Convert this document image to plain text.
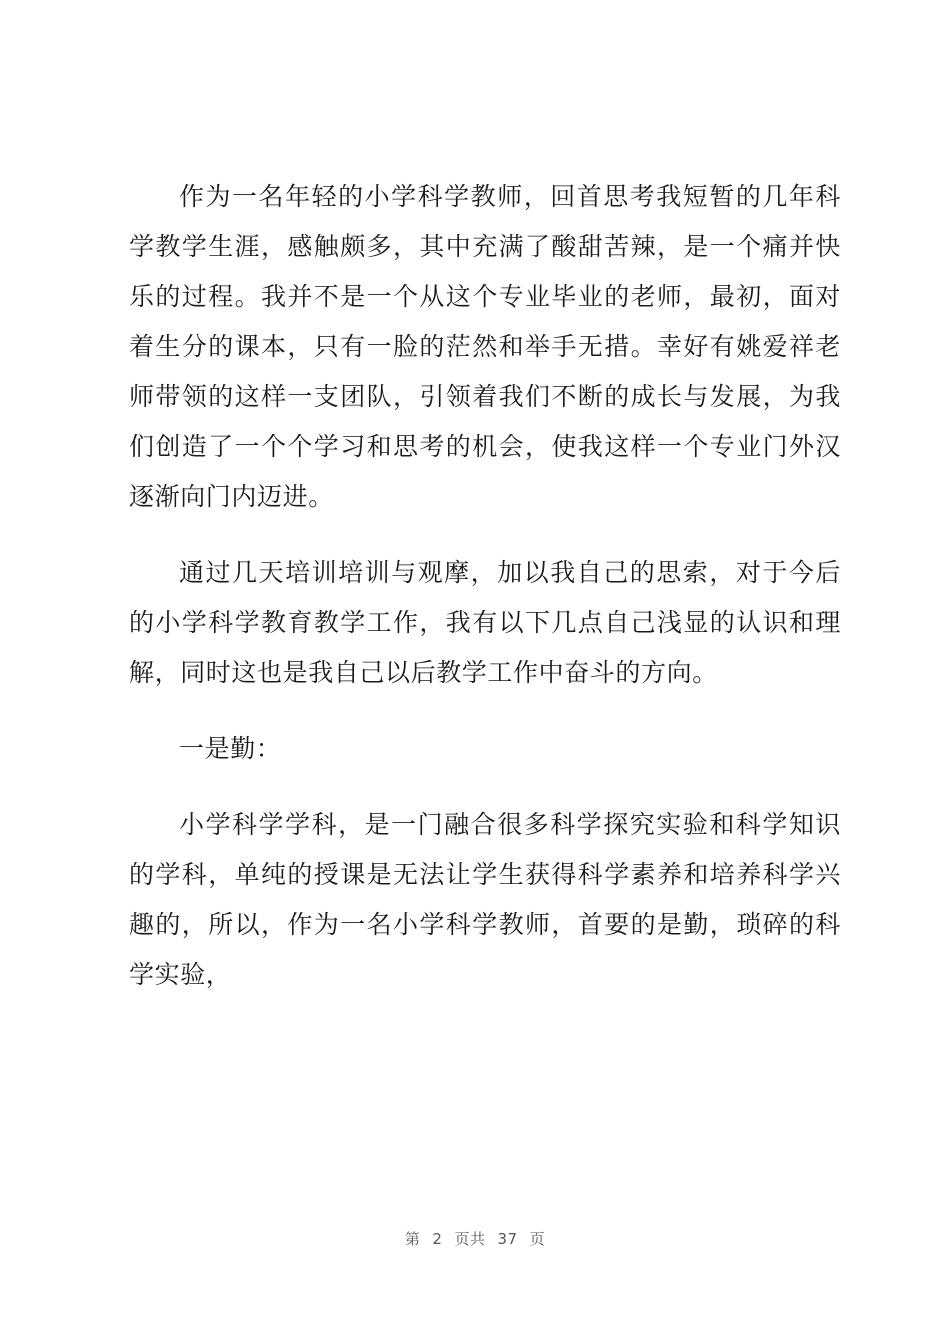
作为一名年轻的小学科学教师，回首思考我短暂的几年科学教学生涯，感触颇多，其中充满了酸甜苦辣，是一个痛并快乐的过程。我并不是一个从这个专业毕业的老师，最初，面对着生分的课本，只有一脸的茫然和举手无措。幸好有姚爱祥老师带领的这样一支团队，引领着我们不断的成长与发展，为我们创造了一个个学习和思考的机会，使我这样一个专业门外汉逐渐向门内迈进。

通过几天培训培训与观摩，加以我自己的思索，对于今后的小学科学教育教学工作，我有以下几点自己浅显的认识和理解，同时这也是我自己以后教学工作中奋斗的方向。

一是勤：

小学科学学科，是一门融合很多科学探究实验和科学知识的学科，单纯的授课是无法让学生获得科学素养和培养科学兴趣的，所以，作为一名小学科学教师，首要的是勤，琐碎的科学实验，

第 2 页共 37 页
